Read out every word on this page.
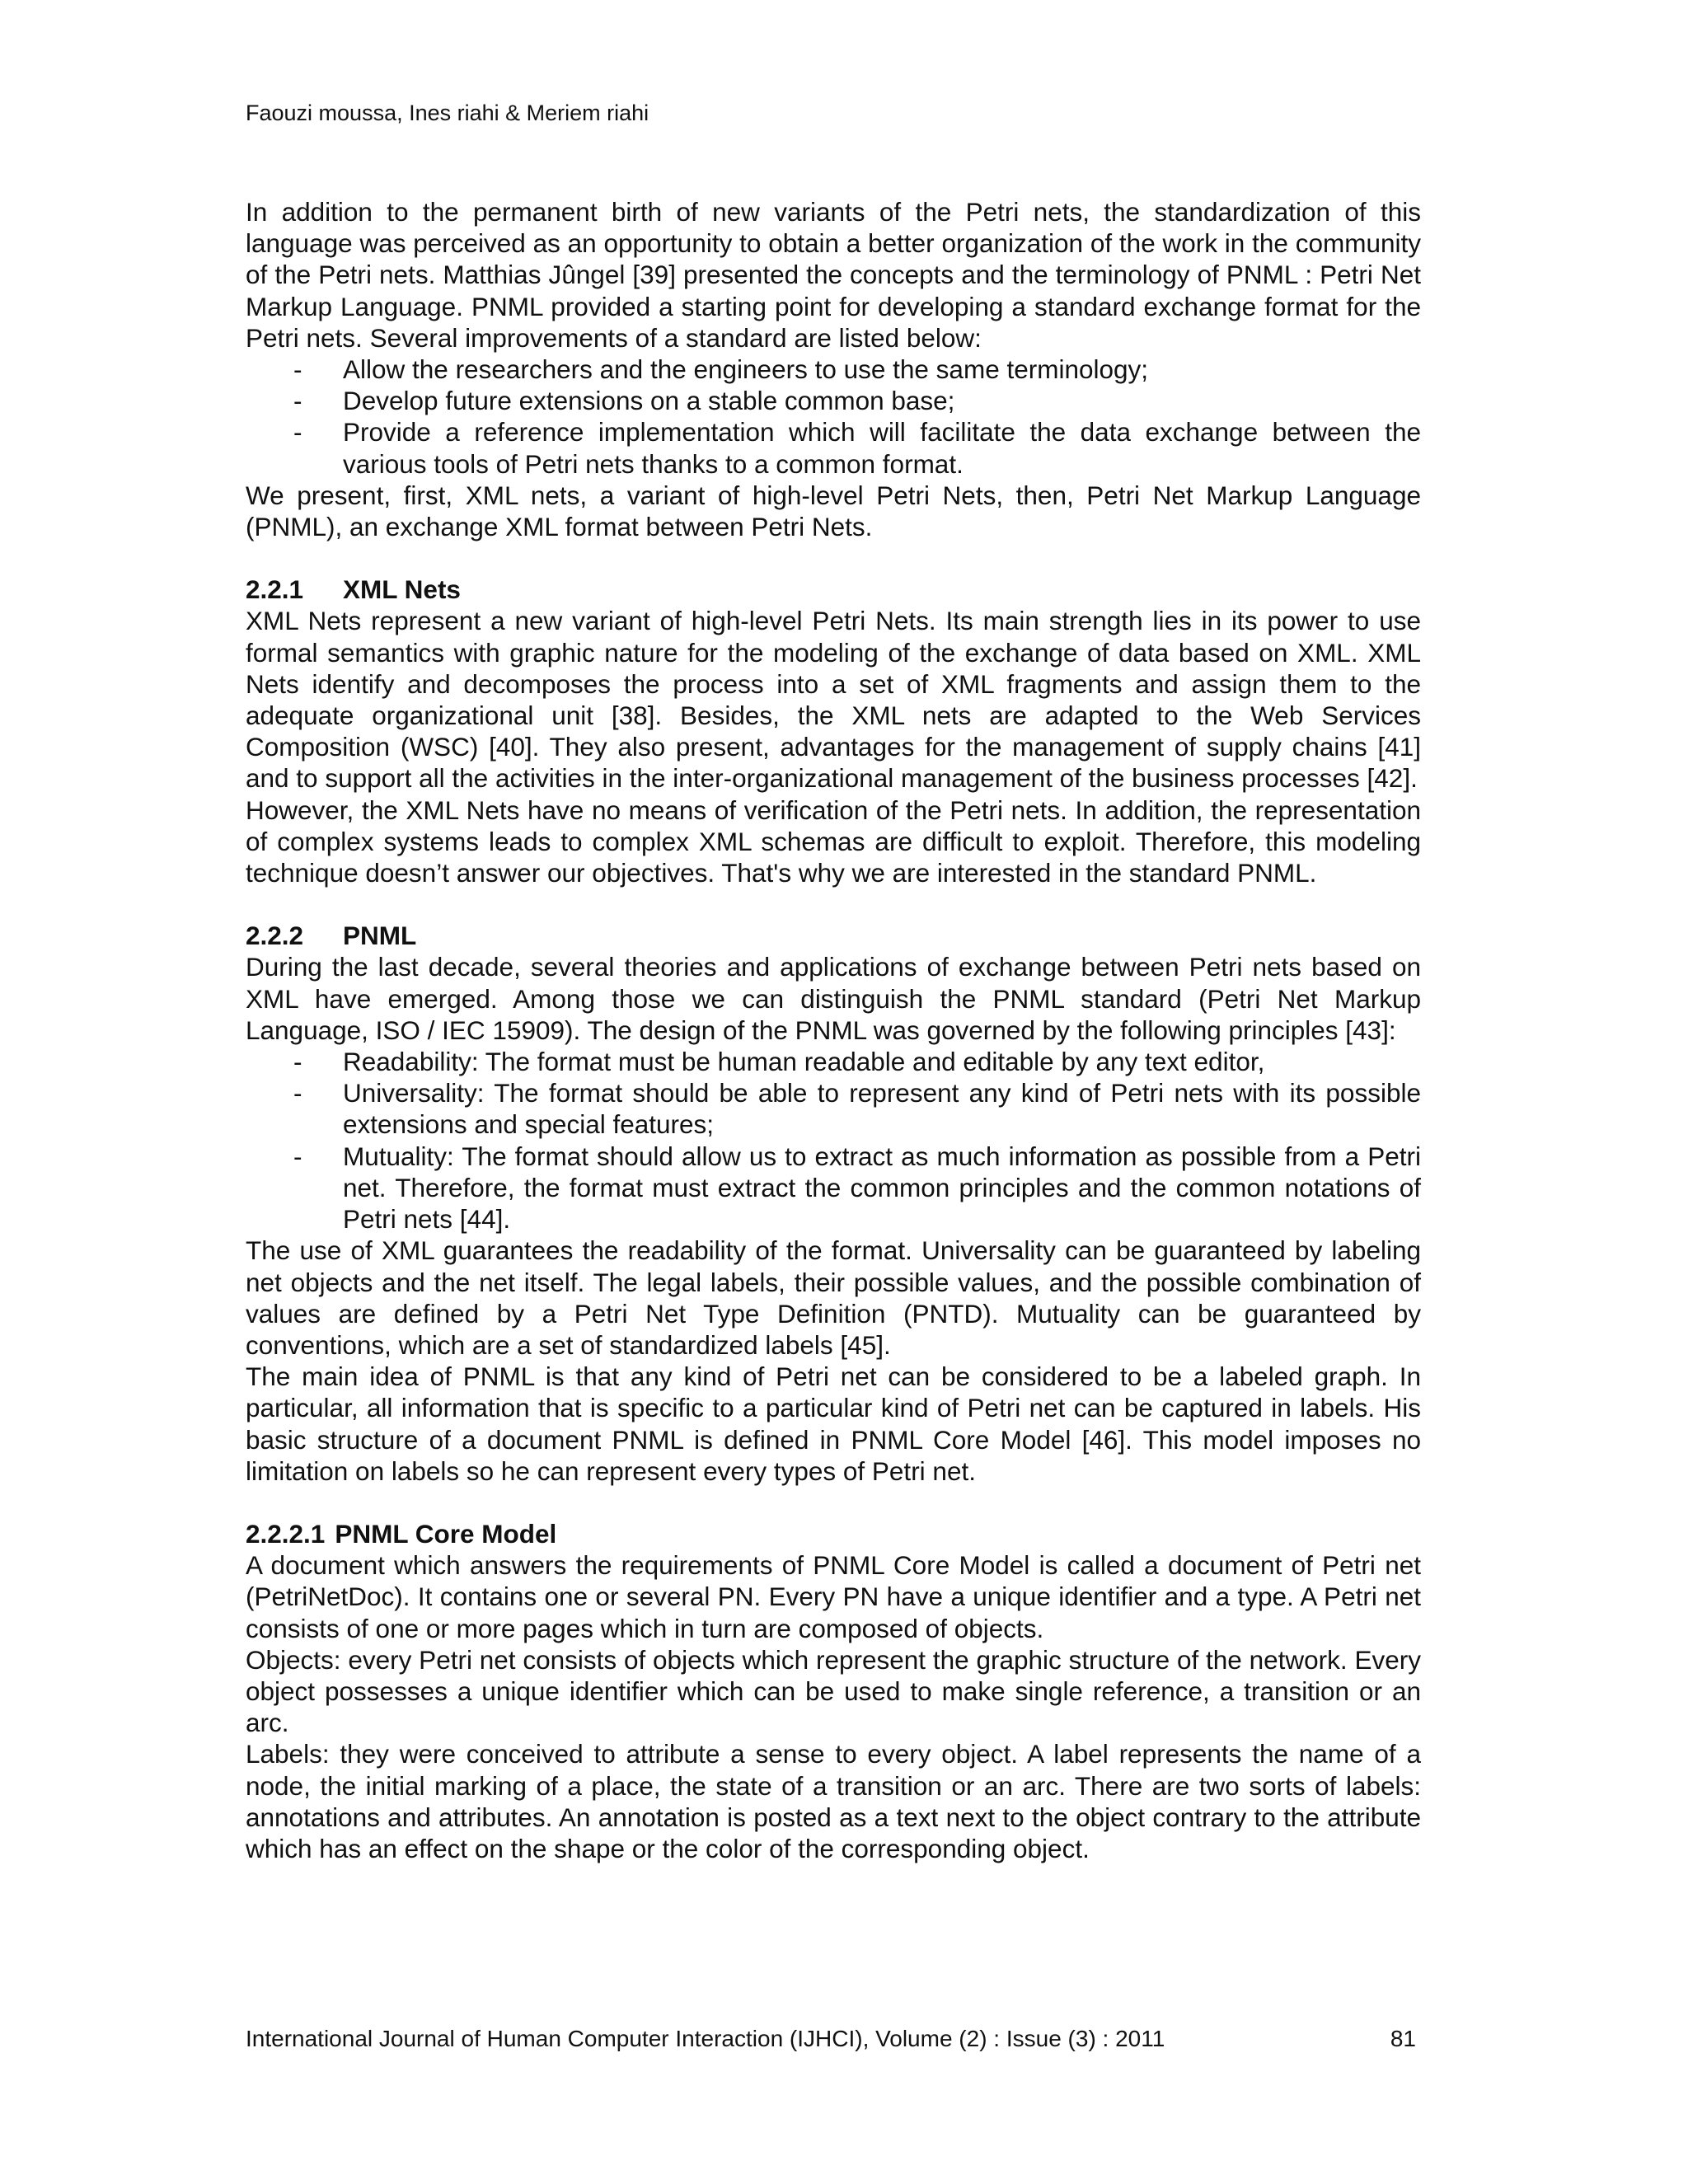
Faouzi moussa, Ines riahi & Meriem riahi

In addition to the permanent birth of new variants of the Petri nets, the standardization of this language was perceived as an opportunity to obtain a better organization of the work in the community of the Petri nets. Matthias Jûngel [39] presented the concepts and the terminology of PNML : Petri Net Markup Language. PNML provided a starting point for developing a standard exchange format for the Petri nets. Several improvements of a standard are listed below:

- Allow the researchers and the engineers to use the same terminology;
- Develop future extensions on a stable common base;
- Provide a reference implementation which will facilitate the data exchange between the various tools of Petri nets thanks to a common format.

We present, first, XML nets, a variant of high-level Petri Nets, then, Petri Net Markup Language (PNML), an exchange XML format between Petri Nets.

2.2.1 XML Nets

XML Nets represent a new variant of high-level Petri Nets. Its main strength lies in its power to use formal semantics with graphic nature for the modeling of the exchange of data based on XML. XML Nets identify and decomposes the process into a set of XML fragments and assign them to the adequate organizational unit [38]. Besides, the XML nets are adapted to the Web Services Composition (WSC) [40]. They also present, advantages for the management of supply chains [41] and to support all the activities in the inter-organizational management of the business processes [42].

However, the XML Nets have no means of verification of the Petri nets. In addition, the representation of complex systems leads to complex XML schemas are difficult to exploit. Therefore, this modeling technique doesn’t answer our objectives. That's why we are interested in the standard PNML.

2.2.2 PNML

During the last decade, several theories and applications of exchange between Petri nets based on XML have emerged. Among those we can distinguish the PNML standard (Petri Net Markup Language, ISO / IEC 15909). The design of the PNML was governed by the following principles [43]:

- Readability: The format must be human readable and editable by any text editor,
- Universality: The format should be able to represent any kind of Petri nets with its possible extensions and special features;
- Mutuality: The format should allow us to extract as much information as possible from a Petri net. Therefore, the format must extract the common principles and the common notations of Petri nets [44].

The use of XML guarantees the readability of the format. Universality can be guaranteed by labeling net objects and the net itself. The legal labels, their possible values, and the possible combination of values are defined by a Petri Net Type Definition (PNTD). Mutuality can be guaranteed by conventions, which are a set of standardized labels [45].

The main idea of PNML is that any kind of Petri net can be considered to be a labeled graph. In particular, all information that is specific to a particular kind of Petri net can be captured in labels. His basic structure of a document PNML is defined in PNML Core Model [46]. This model imposes no limitation on labels so he can represent every types of Petri net.

2.2.2.1 PNML Core Model

A document which answers the requirements of PNML Core Model is called a document of Petri net (PetriNetDoc). It contains one or several PN. Every PN have a unique identifier and a type. A Petri net consists of one or more pages which in turn are composed of objects.

Objects: every Petri net consists of objects which represent the graphic structure of the network. Every object possesses a unique identifier which can be used to make single reference, a transition or an arc.

Labels: they were conceived to attribute a sense to every object. A label represents the name of a node, the initial marking of a place, the state of a transition or an arc. There are two sorts of labels: annotations and attributes. An annotation is posted as a text next to the object contrary to the attribute which has an effect on the shape or the color of the corresponding object.

International Journal of Human Computer Interaction (IJHCI), Volume (2) : Issue (3) : 2011	81
